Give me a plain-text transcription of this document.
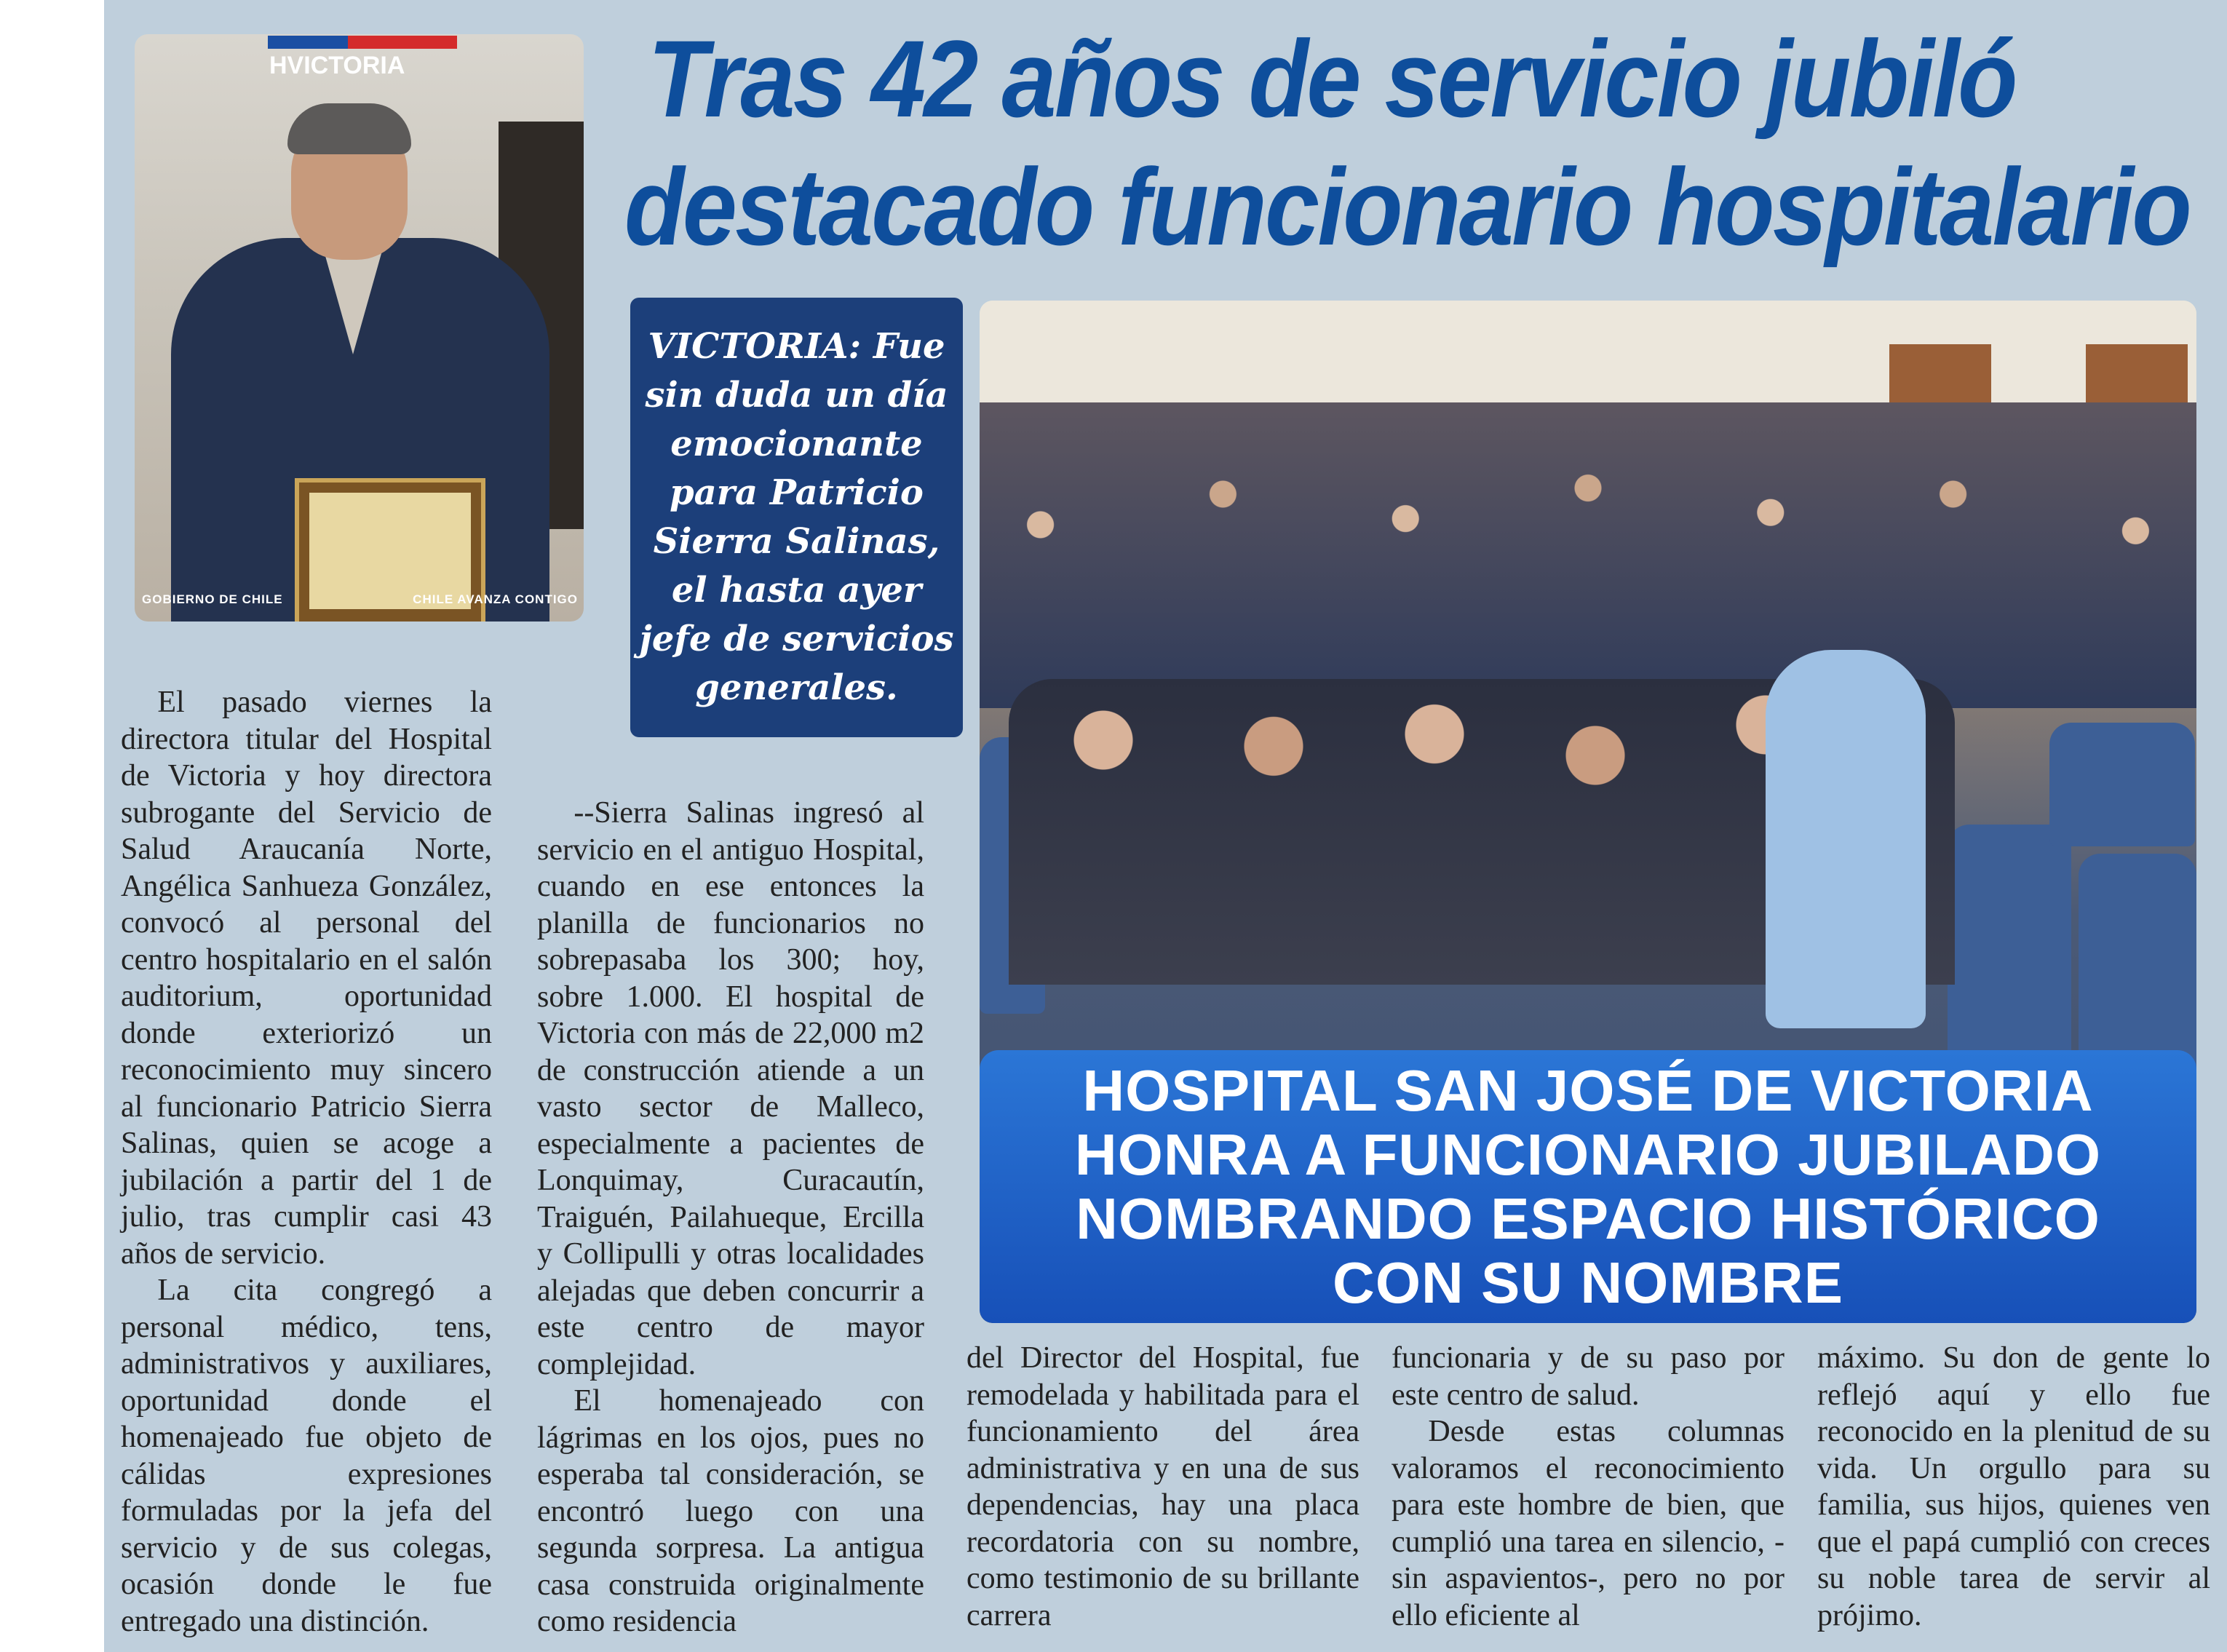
Tras 42 años de servicio jubiló
destacado funcionario hospitalario
HVICTORIA
GOBIERNO DE CHILE	CHILE AVANZA CONTIGO
VICTORIA: Fue
sin duda un día
emocionante
para Patricio
Sierra Salinas,
el hasta ayer
jefe de servicios
generales.
HOSPITAL SAN JOSÉ DE VICTORIA
HONRA A FUNCIONARIO JUBILADO
NOMBRANDO ESPACIO HISTÓRICO
CON SU NOMBRE

El pasado viernes la directora titular del Hospital de Victoria y hoy directora subrogante del Servicio de Salud Araucanía Norte, Angélica Sanhueza González, convocó al personal del centro hospitalario en el salón auditorium, oportunidad donde exteriorizó un reconocimiento muy sincero al funcionario Patricio Sierra Salinas, quien se acoge a jubilación a partir del 1 de julio, tras cumplir casi 43 años de servicio.

La cita congregó a personal médico, tens, administrativos y auxiliares, oportunidad donde el homenajeado fue objeto de cálidas expresiones formuladas por la jefa del servicio y de sus colegas, ocasión donde le fue entregado una distinción.

--Sierra Salinas ingresó al servicio en el antiguo Hospital, cuando en ese entonces la planilla de funcionarios no sobrepasaba los 300; hoy, sobre 1.000. El hospital de Victoria con más de 22,000 m2 de construcción atiende a un vasto sector de Malleco, especialmente a pacientes de Lonquimay, Curacautín, Traiguén, Pailahueque, Ercilla y Collipulli y otras localidades alejadas que deben concurrir a este centro de mayor complejidad.

El homenajeado con lágrimas en los ojos, pues no esperaba tal consideración, se encontró luego con una segunda sorpresa. La antigua casa construida originalmente como residencia

del Director del Hospital, fue remodelada y habilitada para el funcionamiento del área administrativa y en una de sus dependencias, hay una placa recordatoria con su nombre, como testimonio de su brillante carrera

funcionaria y de su paso por este centro de salud.

Desde estas columnas valoramos el reconocimiento para este hombre de bien, que cumplió una tarea en silencio, -sin aspavientos-, pero no por ello eficiente al

máximo. Su don de gente lo reflejó aquí y ello fue reconocido en la plenitud de su vida. Un orgullo para su familia, sus hijos, quienes ven que el papá cumplió con creces su noble tarea de servir al prójimo.
